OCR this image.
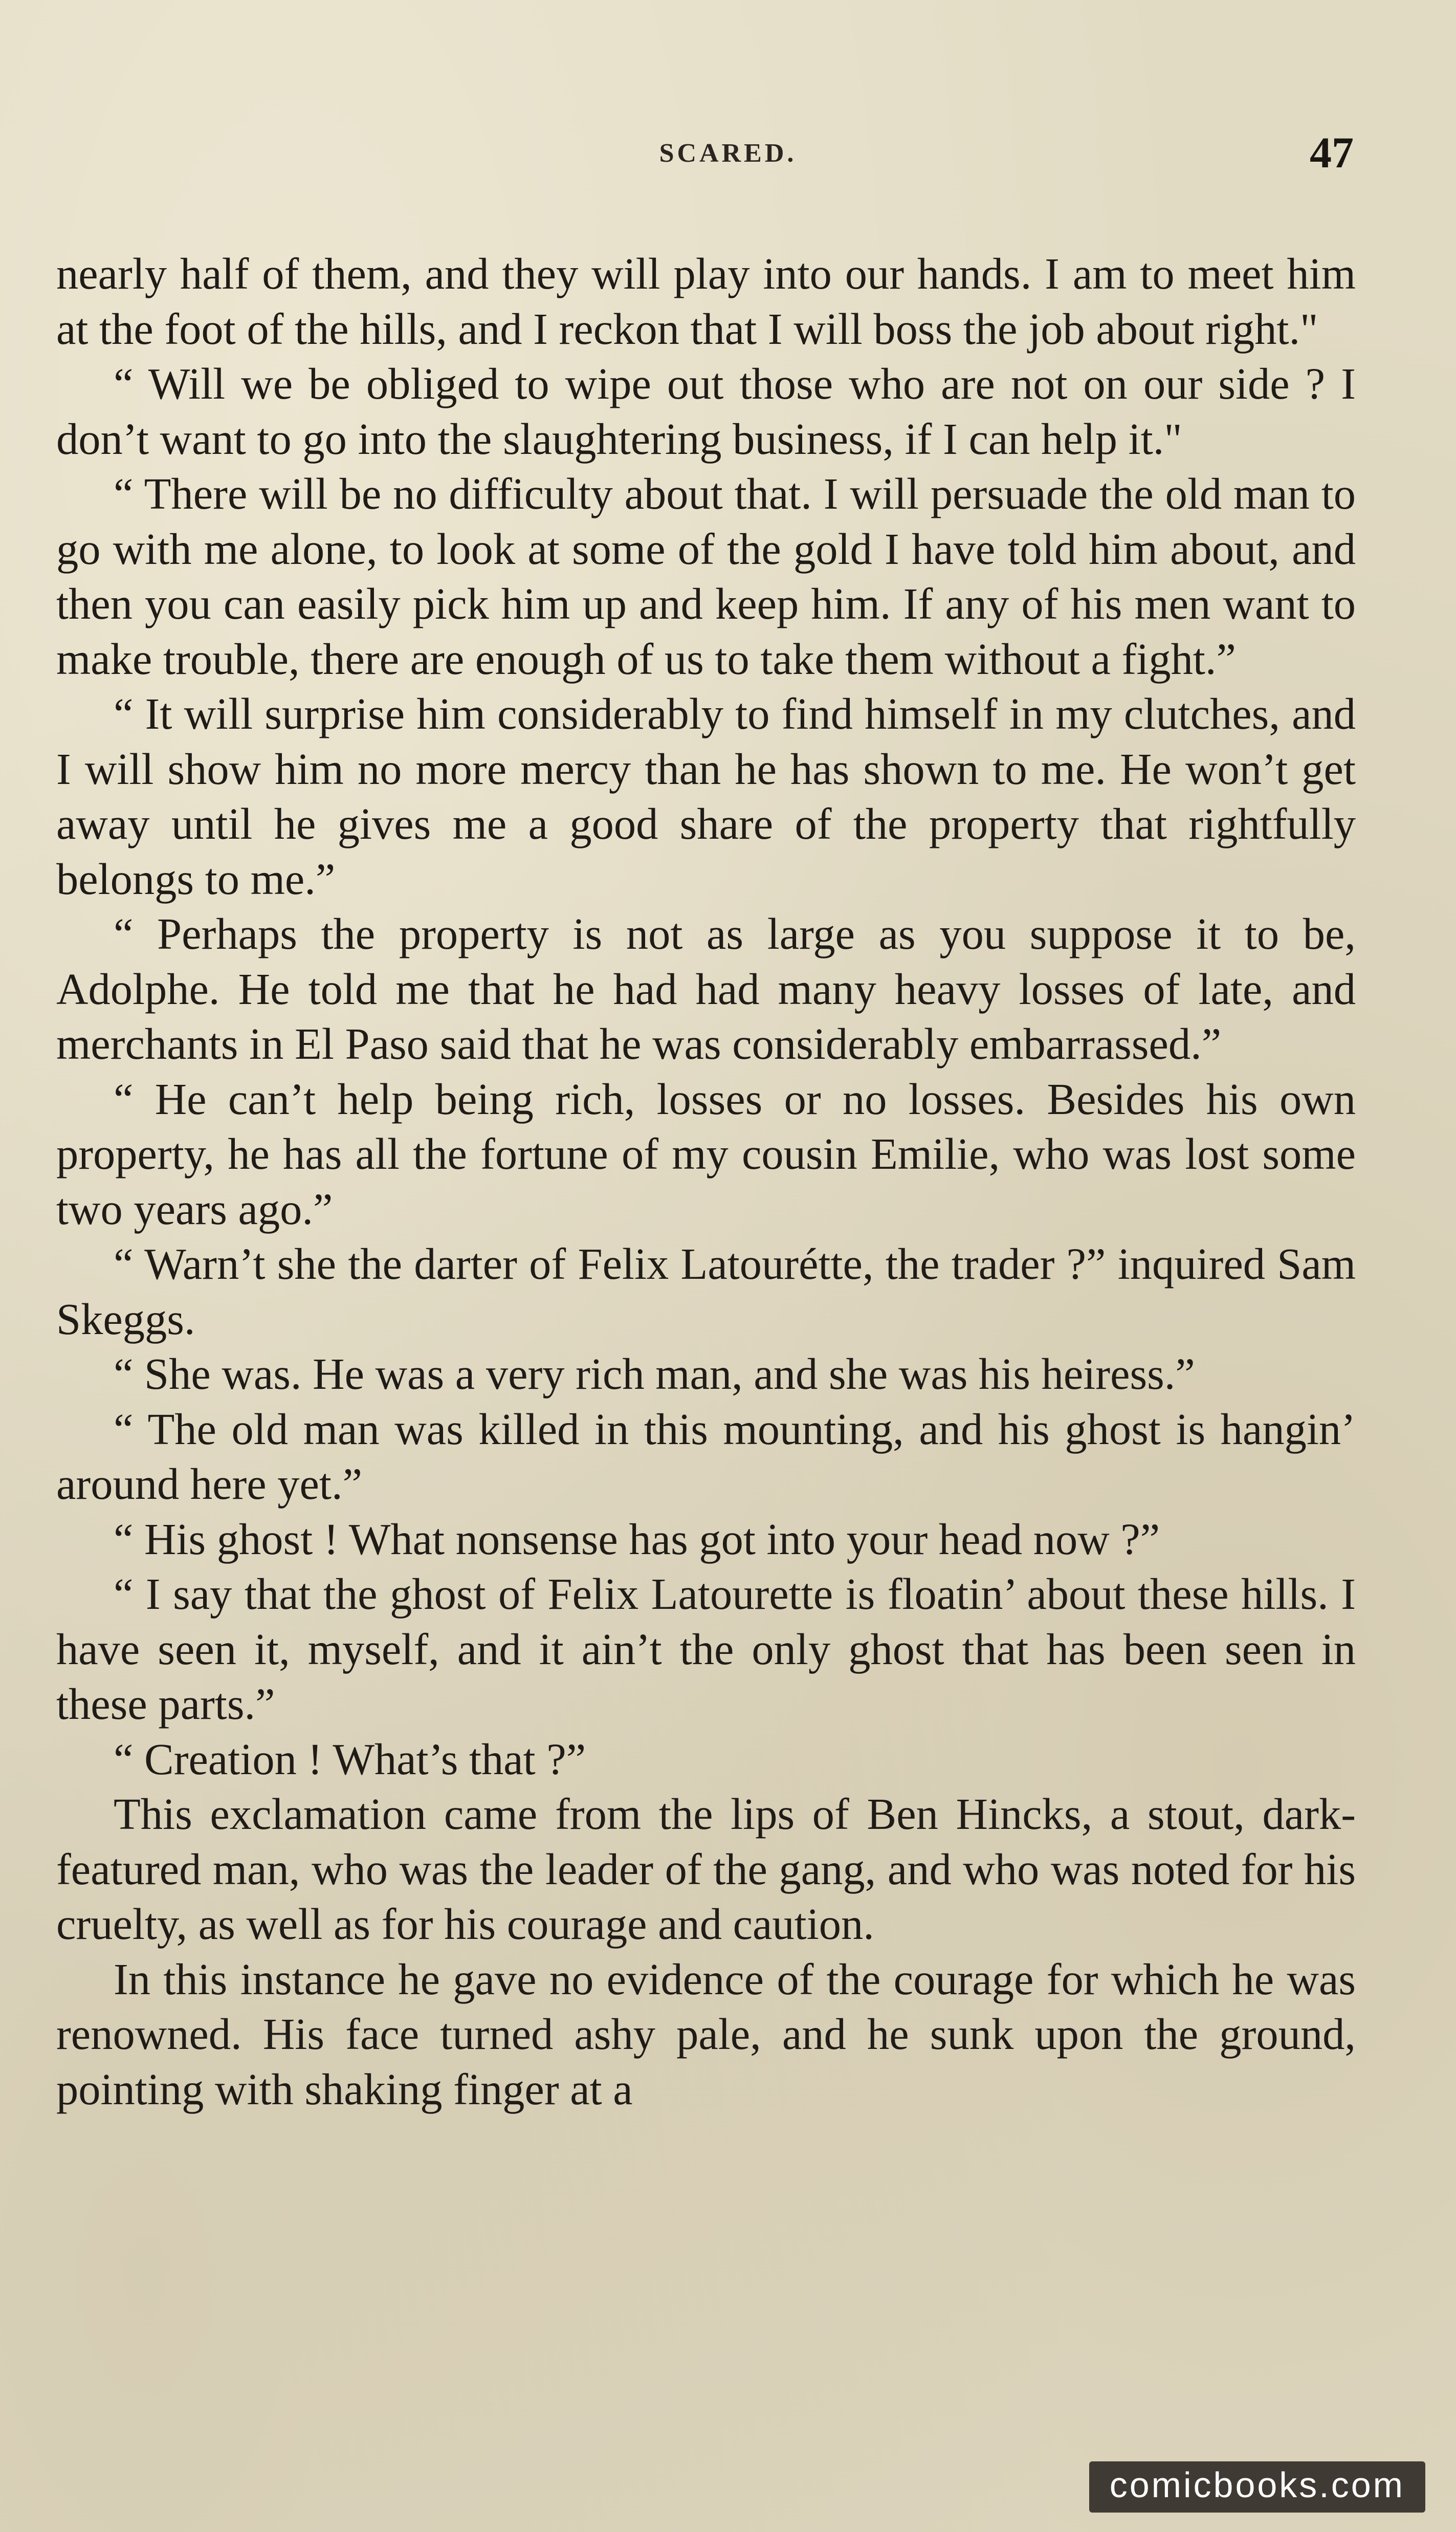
SCARED.	47

nearly half of them, and they will play into our hands. I am to meet him at the foot of the hills, and I reckon that I will boss the job about right."

“ Will we be obliged to wipe out those who are not on our side ? I don’t want to go into the slaughtering business, if I can help it."

“ There will be no difficulty about that. I will persuade the old man to go with me alone, to look at some of the gold I have told him about, and then you can easily pick him up and keep him. If any of his men want to make trouble, there are enough of us to take them without a fight.”

“ It will surprise him considerably to find himself in my clutches, and I will show him no more mercy than he has shown to me. He won’t get away until he gives me a good share of the property that rightfully belongs to me.”

“ Perhaps the property is not as large as you suppose it to be, Adolphe. He told me that he had had many heavy losses of late, and merchants in El Paso said that he was considerably embarrassed.”

“ He can’t help being rich, losses or no losses. Besides his own property, he has all the fortune of my cousin Emilie, who was lost some two years ago.”

“ Warn’t she the darter of Felix Latourétte, the trader ?” inquired Sam Skeggs.

“ She was. He was a very rich man, and she was his heiress.”

“ The old man was killed in this mounting, and his ghost is hangin’ around here yet.”

“ His ghost ! What nonsense has got into your head now ?”

“ I say that the ghost of Felix Latourette is floatin’ about these hills. I have seen it, myself, and it ain’t the only ghost that has been seen in these parts.”

“ Creation ! What’s that ?”

This exclamation came from the lips of Ben Hincks, a stout, dark-featured man, who was the leader of the gang, and who was noted for his cruelty, as well as for his courage and caution.

In this instance he gave no evidence of the courage for which he was renowned. His face turned ashy pale, and he sunk upon the ground, pointing with shaking finger at a

comicbooks.com
